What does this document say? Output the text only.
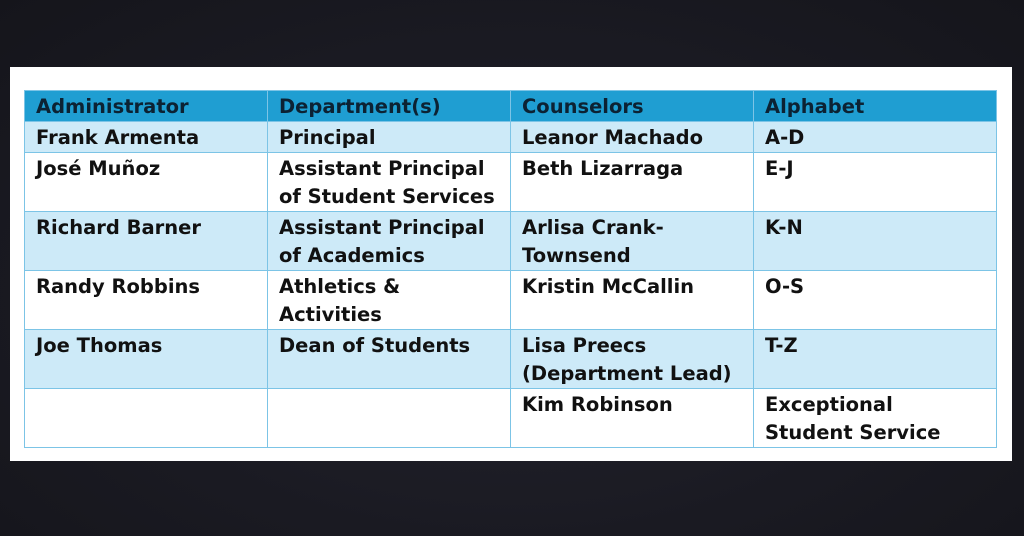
Administrator	Department(s)	Counselors	Alphabet
Frank Armenta	Principal	Leanor Machado	A-D
José Muñoz	Assistant Principal of Student Services	Beth Lizarraga	E-J
Richard Barner	Assistant Principal of Academics	Arlisa Crank-Townsend	K-N
Randy Robbins	Athletics & Activities	Kristin McCallin	O-S
Joe Thomas	Dean of Students	Lisa Preecs (Department Lead)	T-Z
		Kim Robinson	Exceptional Student Service
